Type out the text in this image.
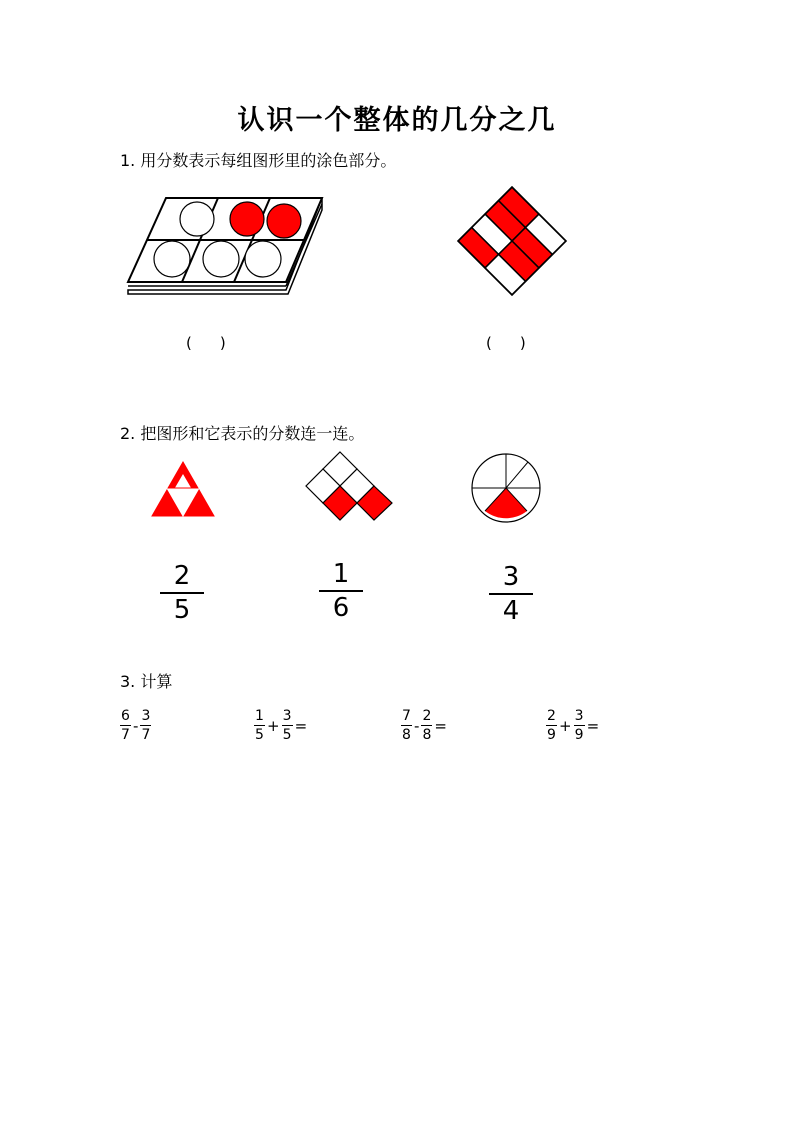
认识一个整体的几分之几
1. 用分数表示每组图形里的涂色部分。
( )	( )
2. 把图形和它表示的分数连一连。
2
5
1
6
3
4
3. 计算
6
7
-
3
7
1
5
+
3
5
=
7
8
-
2
8
=
2
9
+
3
9
=
